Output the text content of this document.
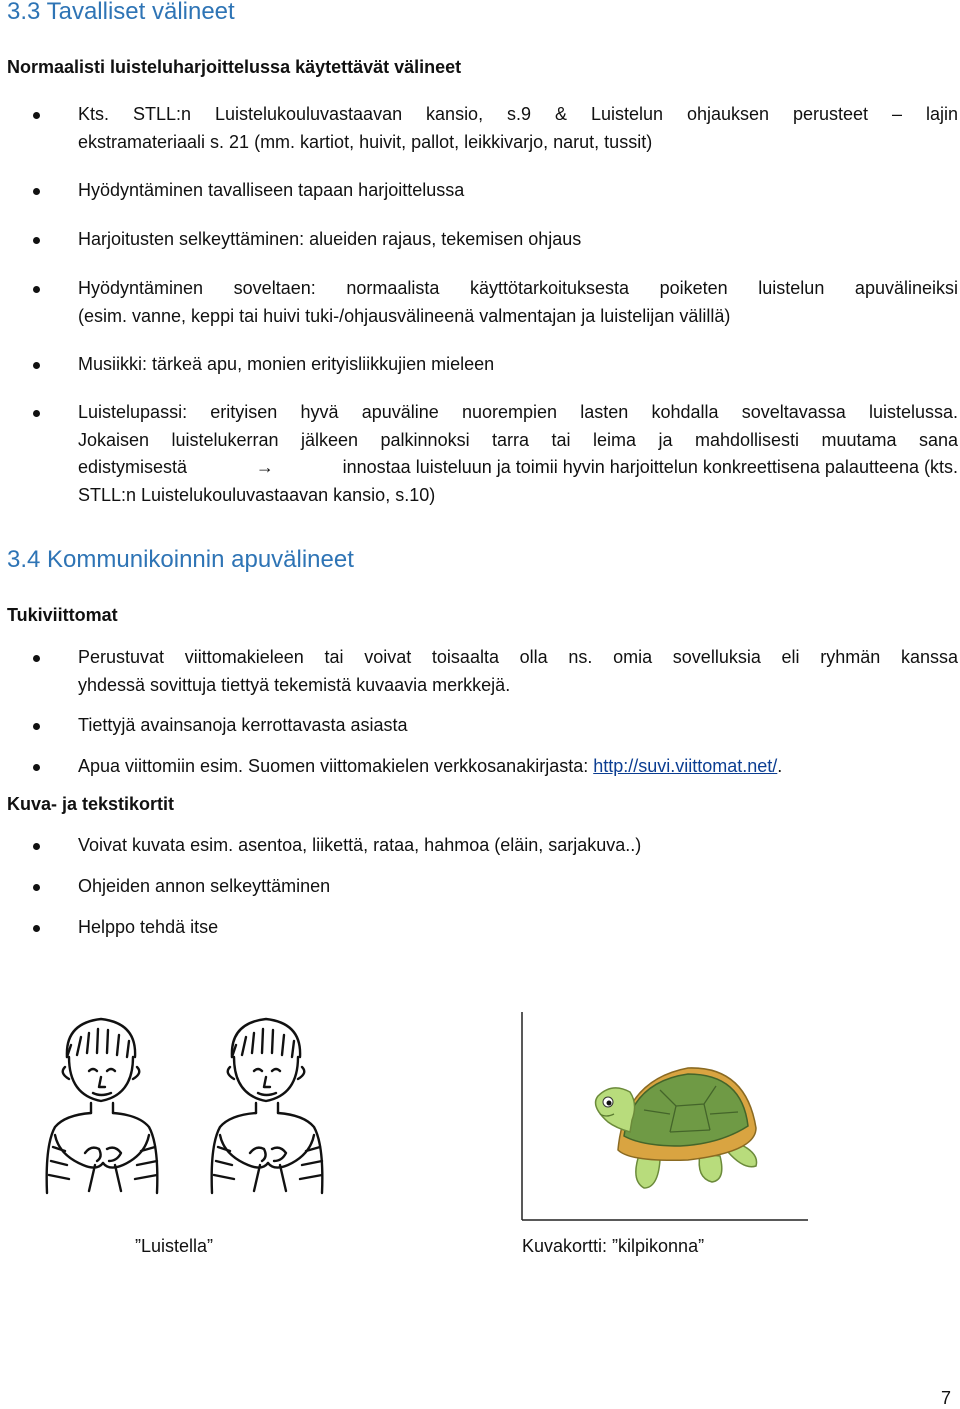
3.3 Tavalliset välineet
Normaalisti luisteluharjoittelussa käytettävät välineet
Kts. STLL:n Luistelukouluvastaavan kansio, s.9 & Luistelun ohjauksen perusteet – lajin
ekstramateriaali s. 21 (mm. kartiot, huivit, pallot, leikkivarjo, narut, tussit)
Hyödyntäminen tavalliseen tapaan harjoittelussa
Harjoitusten selkeyttäminen: alueiden rajaus, tekemisen ohjaus
Hyödyntäminen soveltaen: normaalista käyttötarkoituksesta poiketen luistelun apuvälineiksi
(esim. vanne, keppi tai huivi tuki-/ohjausvälineenä valmentajan ja luistelijan välillä)
Musiikki: tärkeä apu, monien erityisliikkujien mieleen
Luistelupassi: erityisen hyvä apuväline nuorempien lasten kohdalla soveltavassa luistelussa.
Jokaisen luistelukerran jälkeen palkinnoksi tarra tai leima ja mahdollisesti muutama sana
edistymisestä	→	innostaa luisteluun ja toimii hyvin harjoittelun konkreettisena palautteena (kts.
STLL:n Luistelukouluvastaavan kansio, s.10)
3.4 Kommunikoinnin apuvälineet
Tukiviittomat
Perustuvat viittomakieleen tai voivat toisaalta olla ns. omia sovelluksia eli ryhmän kanssa
yhdessä sovittuja tiettyä tekemistä kuvaavia merkkejä.
Tiettyjä avainsanoja kerrottavasta asiasta
Apua viittomiin esim. Suomen viittomakielen verkkosanakirjasta: http://suvi.viittomat.net/.
Kuva- ja tekstikortit
Voivat kuvata esim. asentoa, liikettä, rataa, hahmoa (eläin, sarjakuva..)
Ohjeiden annon selkeyttäminen
Helppo tehdä itse
”Luistella”	Kuvakortti: ”kilpikonna”
7
